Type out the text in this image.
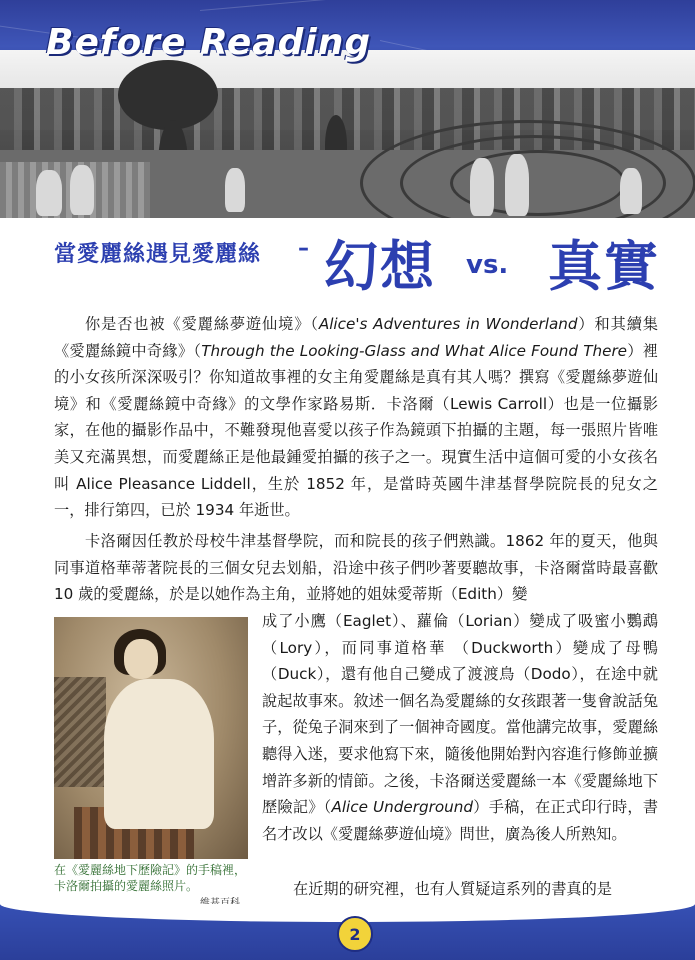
Before Reading
當愛麗絲遇見愛麗絲 – 幻想 vs. 真實

你是否也被《愛麗絲夢遊仙境》（Alice's Adventures in Wonderland）和其續集《愛麗絲鏡中奇緣》（Through the Looking-Glass and What Alice Found There）裡的小女孩所深深吸引？你知道故事裡的女主角愛麗絲是真有其人嗎？撰寫《愛麗絲夢遊仙境》和《愛麗絲鏡中奇緣》的文學作家路易斯．卡洛爾（Lewis Carroll）也是一位攝影家，在他的攝影作品中，不難發現他喜愛以孩子作為鏡頭下拍攝的主題，每一張照片皆唯美又充滿異想，而愛麗絲正是他最鍾愛拍攝的孩子之一。現實生活中這個可愛的小女孩名叫 Alice Pleasance Liddell，生於 1852 年，是當時英國牛津基督學院院長的兒女之一，排行第四，已於 1934 年逝世。

卡洛爾因任教於母校牛津基督學院，而和院長的孩子們熟識。1862 年的夏天，他與同事道格華蒂著院長的三個女兒去划船，沿途中孩子們吵著要聽故事，卡洛爾當時最喜歡 10 歲的愛麗絲，於是以她作為主角，並將她的姐妹愛蒂斯（Edith）變

在《愛麗絲地下歷險記》的手稿裡，卡洛爾拍攝的愛麗絲照片。

成了小鷹（Eaglet）、蘿倫（Lorian）變成了吸蜜小鸚鵡（Lory），而同事道格華 （Duckworth）變成了母鴨（Duck），還有他自己變成了渡渡鳥（Dodo），在途中就說起故事來。敘述一個名為愛麗絲的女孩跟著一隻會說話兔子，從兔子洞來到了一個神奇國度。當他講完故事，愛麗絲聽得入迷，要求他寫下來，隨後他開始對內容進行修飾並擴增許多新的情節。之後，卡洛爾送愛麗絲一本《愛麗絲地下歷險記》（Alice Underground）手稿，在正式印行時，書名才改以《愛麗絲夢遊仙境》問世，廣為後人所熟知。

在近期的研究裡，也有人質疑這系列的書真的是

2
